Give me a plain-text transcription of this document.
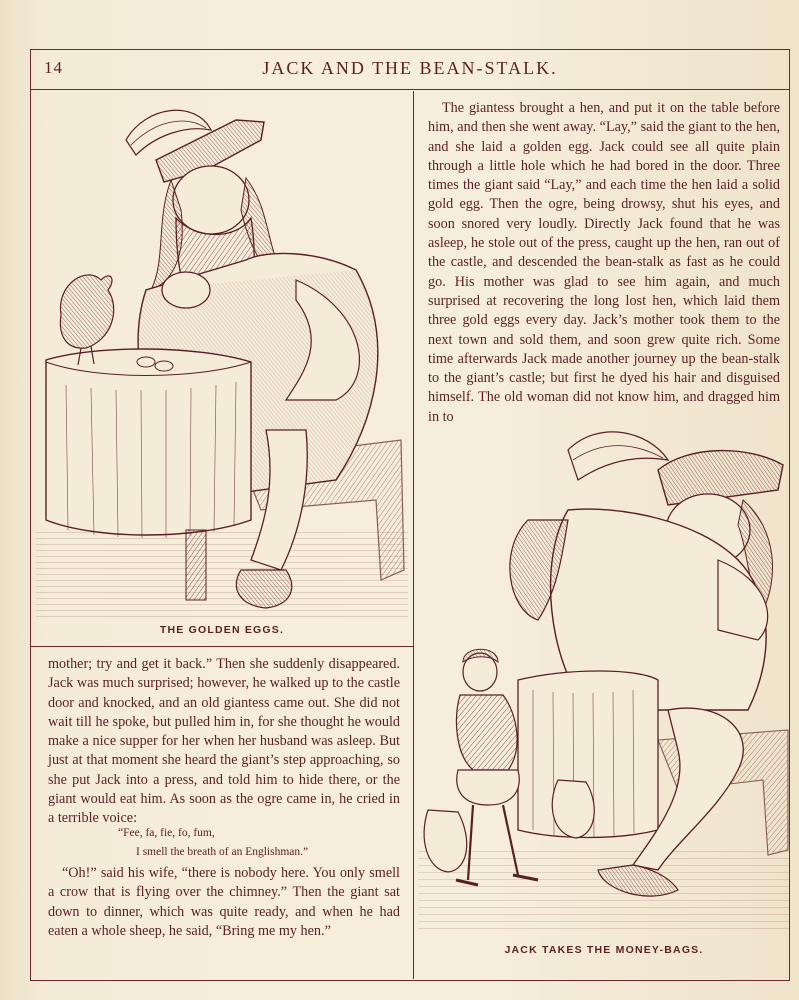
14	JACK AND THE BEAN-STALK.
THE GOLDEN EGGS.

mother; try and get it back.” Then she suddenly disappeared. Jack was much surprised; however, he walked up to the castle door and knocked, and an old giantess came out. She did not wait till he spoke, but pulled him in, for she thought he would make a nice supper for her when her husband was asleep. But just at that moment she heard the giant’s step approaching, so she put Jack into a press, and told him to hide there, or the giant would eat him. As soon as the ogre came in, he cried in a terrible voice:

“Fee, fa, fie, fo, fum,
I smell the breath of an Englishman.”

“Oh!” said his wife, “there is nobody here. You only smell a crow that is flying over the chimney.” Then the giant sat down to dinner, which was quite ready, and when he had eaten a whole sheep, he said, “Bring me my hen.”

The giantess brought a hen, and put it on the table before him, and then she went away. “Lay,” said the giant to the hen, and she laid a golden egg. Jack could see all quite plain through a little hole which he had bored in the door. Three times the giant said “Lay,” and each time the hen laid a solid gold egg. Then the ogre, being drowsy, shut his eyes, and soon snored very loudly. Directly Jack found that he was asleep, he stole out of the press, caught up the hen, ran out of the castle, and descended the bean-stalk as fast as he could go. His mother was glad to see him again, and much surprised at recovering the long lost hen, which laid them three gold eggs every day. Jack’s mother took them to the next town and sold them, and soon grew quite rich. Some time afterwards Jack made another journey up the bean-stalk to the giant’s castle; but first he dyed his hair and disguised himself. The old woman did not know him, and dragged him in to

JACK TAKES THE MONEY-BAGS.
